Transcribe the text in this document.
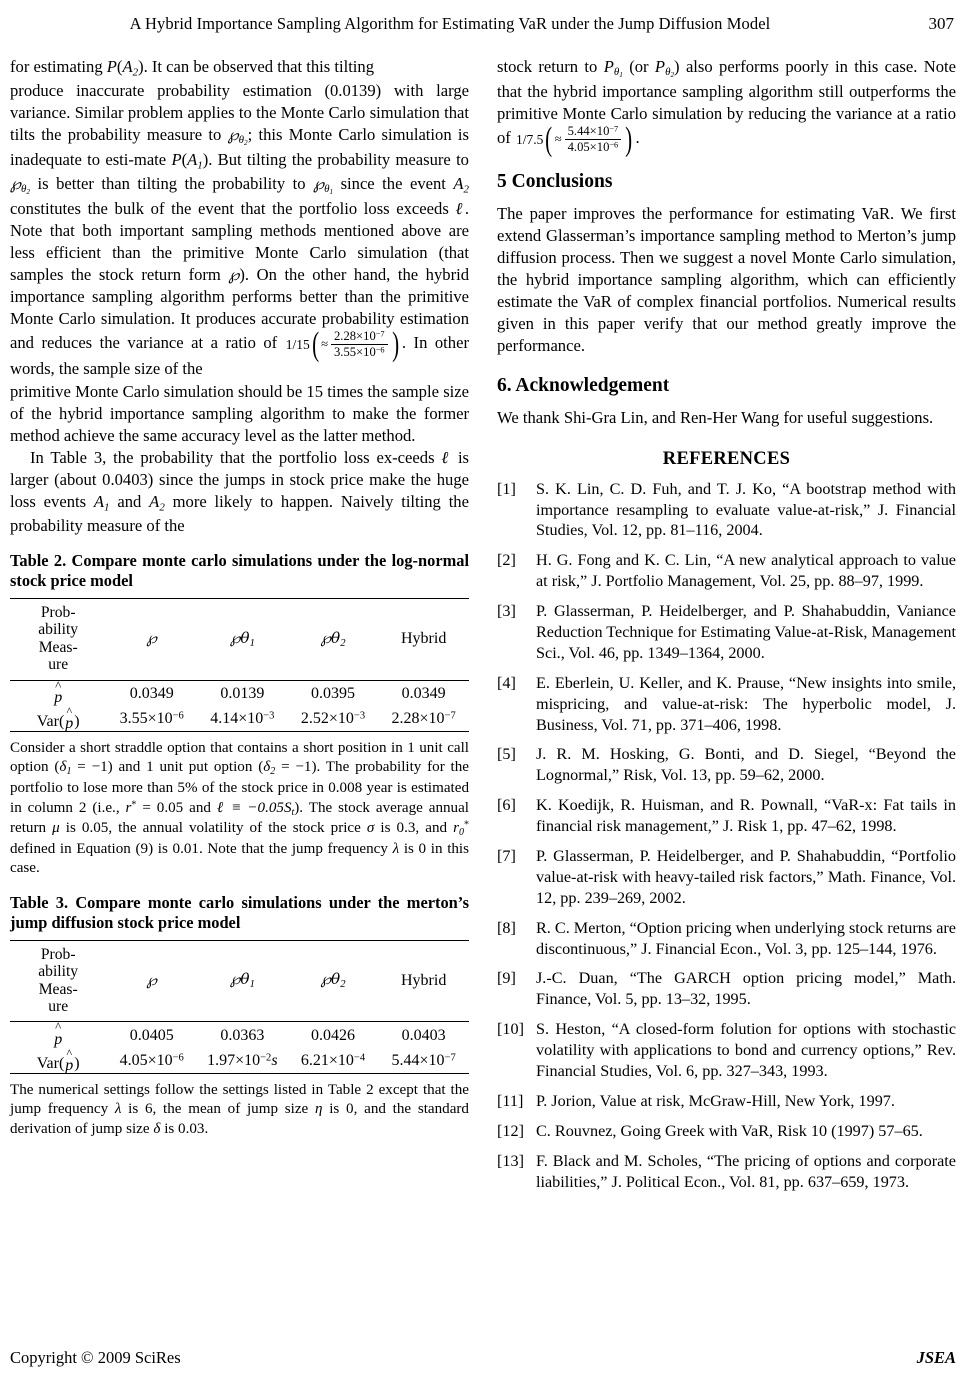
A Hybrid Importance Sampling Algorithm for Estimating VaR under the Jump Diffusion Model	307

for estimating $P(A_2)$. It can be observed that this tilting

produce inaccurate probability estimation (0.0139) with large variance. Similar problem applies to the Monte Carlo simulation that tilts the probability measure to $℘_{\theta_2}$; this Monte Carlo simulation is inadequate to esti-mate $P(A_1)$. But tilting the probability measure to $℘_{\theta_2}$ is better than tilting the probability to $℘_{\theta_1}$ since the event $A_2$ constitutes the bulk of the event that the portfolio loss exceeds ℓ. Note that both important sampling methods mentioned above are less efficient than the primitive Monte Carlo simulation (that samples the stock return form ℘). On the other hand, the hybrid importance sampling algorithm performs better than the primitive Monte Carlo simulation. It produces accurate probability estimation and reduces the variance at a ratio of $1/15( \approx \frac{2.28\times 10^{-7}}{3.55\times 10^{-6}}$ ) . In other words, the sample size of the

primitive Monte Carlo simulation should be 15 times the sample size of the hybrid importance sampling algorithm to make the former method achieve the same accuracy level as the latter method.

In Table 3, the probability that the portfolio loss ex-ceeds ℓ is larger (about 0.0403) since the jumps in stock price make the huge loss events $A_1$ and $A_2$ more likely to happen. Naively tilting the probability measure of the

Table 2. Compare monte carlo simulations under the log-normal stock price model
Prob-
ability
Meas-
ure	℘	$℘\theta_1$	$℘\theta_2$	Hybrid

^
p	0.0349	0.0139	0.0395	0.0349
Var(
^
p )	$3.55\times 10^{-6}$	$4.14\times 10^{-3}$	$2.52\times 10^{-3}$	$2.28\times 10^{-7}$
Consider a short straddle option that contains a short position in 1 unit call option $(\delta_1 = -1)$ and 1 unit put option $(\delta_2 = -1)$. The probability for the portfolio to lose more than 5% of the stock price in 0.008 year is estimated in column 2 (i.e., r* = 0.05 and ℓ ≡ $-0.05S_t$). The stock average annual return μ is 0.05, the annual volatility of the stock price σ is 0.3, and $r_0^*$ defined in Equation (9) is 0.01. Note that the jump frequency λ is 0 in this case.
Table 3. Compare monte carlo simulations under the merton’s jump diffusion stock price model
Prob-
ability
Meas-
ure	℘	$℘\theta_1$	$℘\theta_2$	Hybrid

^
p	0.0405	0.0363	0.0426	0.0403
Var(
^
p )	$4.05\times 10^{-6}$	$1.97\times 10^{-2}s$	$6.21\times 10^{-4}$	$5.44\times 10^{-7}$
The numerical settings follow the settings listed in Table 2 except that the jump frequency λ is 6, the mean of jump size η is 0, and the standard derivation of jump size δ is 0.03.

stock return to $P_{\theta_1}$ (or $P_{\theta_2}$) also performs poorly in this case. Note that the hybrid importance sampling algorithm still outperforms the primitive Monte Carlo simulation by reducing the variance at a ratio of $1/7.5( \approx \frac{5.44\times 10^{-7}}{4.05\times 10^{-6}}$ ) .

5 Conclusions

The paper improves the performance for estimating VaR. We first extend Glasserman’s importance sampling method to Merton’s jump diffusion process. Then we suggest a novel Monte Carlo simulation, the hybrid importance sampling algorithm, which can efficiently estimate the VaR of complex financial portfolios. Numerical results given in this paper verify that our method greatly improve the performance.

6. Acknowledgement

We thank Shi-Gra Lin, and Ren-Her Wang for useful suggestions.

REFERENCES
[1]	S. K. Lin, C. D. Fuh, and T. J. Ko, “A bootstrap method with importance resampling to evaluate value-at-risk,” J. Financial Studies, Vol. 12, pp. 81–116, 2004.
[2]	H. G. Fong and K. C. Lin, “A new analytical approach to value at risk,” J. Portfolio Management, Vol. 25, pp. 88–97, 1999.
[3]	P. Glasserman, P. Heidelberger, and P. Shahabuddin, Vaniance Reduction Technique for Estimating Value-at-Risk, Management Sci., Vol. 46, pp. 1349–1364, 2000.
[4]	E. Eberlein, U. Keller, and K. Prause, “New insights into smile, mispricing, and value-at-risk: The hyperbolic model, J. Business, Vol. 71, pp. 371–406, 1998.
[5]	J. R. M. Hosking, G. Bonti, and D. Siegel, “Beyond the Lognormal,” Risk, Vol. 13, pp. 59–62, 2000.
[6]	K. Koedijk, R. Huisman, and R. Pownall, “VaR-x: Fat tails in financial risk management,” J. Risk 1, pp. 47–62, 1998.
[7]	P. Glasserman, P. Heidelberger, and P. Shahabuddin, “Portfolio value-at-risk with heavy-tailed risk factors,” Math. Finance, Vol. 12, pp. 239–269, 2002.
[8]	R. C. Merton, “Option pricing when underlying stock returns are discontinuous,” J. Financial Econ., Vol. 3, pp. 125–144, 1976.
[9]	J.-C. Duan, “The GARCH option pricing model,” Math. Finance, Vol. 5, pp. 13–32, 1995.
[10] S. Heston, “A closed-form folution for options with stochastic volatility with applications to bond and currency options,” Rev. Financial Studies, Vol. 6, pp. 327–343, 1993.
[11] P. Jorion, Value at risk, McGraw-Hill, New York, 1997.
[12] C. Rouvnez, Going Greek with VaR, Risk 10 (1997) 57–65.
[13] F. Black and M. Scholes, “The pricing of options and corporate liabilities,” J. Political Econ., Vol. 81, pp. 637–659, 1973.
Copyright © 2009 SciRes	JSEA
